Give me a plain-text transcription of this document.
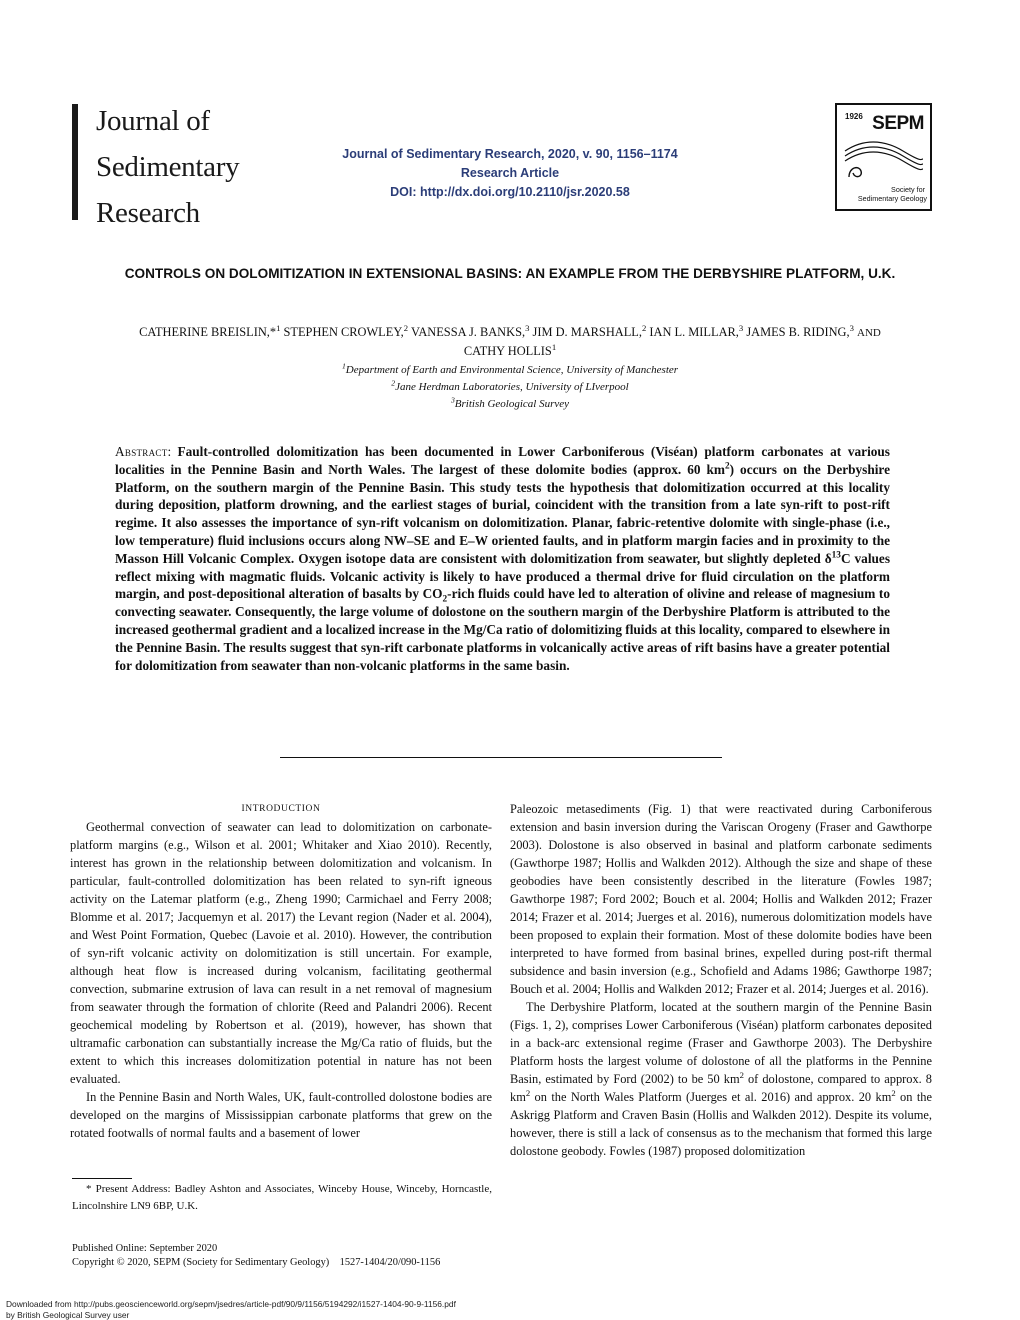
Journal of
Sedimentary
Research
Journal of Sedimentary Research, 2020, v. 90, 1156–1174
Research Article
DOI: http://dx.doi.org/10.2110/jsr.2020.58
1926 SEPM
Society for
Sedimentary Geology
CONTROLS ON DOLOMITIZATION IN EXTENSIONAL BASINS: AN EXAMPLE FROM THE DERBYSHIRE PLATFORM, U.K.
CATHERINE BREISLIN,*$^1$ STEPHEN CROWLEY,$^2$ VANESSA J. BANKS,$^3$ JIM D. MARSHALL,$^2$ IAN L. MILLAR,$^3$ JAMES B. RIDING,$^3$ AND
CATHY HOLLIS$^1$
$^1$Department of Earth and Environmental Science, University of Manchester
$^2$Jane Herdman Laboratories, University of LIverpool
$^3$British Geological Survey
Abstract: Fault-controlled dolomitization has been documented in Lower Carboniferous (Viséan) platform carbonates at various localities in the Pennine Basin and North Wales. The largest of these dolomite bodies (approx. 60 $km^2$) occurs on the Derbyshire Platform, on the southern margin of the Pennine Basin. This study tests the hypothesis that dolomitization occurred at this locality during deposition, platform drowning, and the earliest stages of burial, coincident with the transition from a late syn-rift to post-rift regime. It also assesses the importance of syn-rift volcanism on dolomitization. Planar, fabric-retentive dolomite with single-phase (i.e., low temperature) fluid inclusions occurs along NW–SE and E–W oriented faults, and in platform margin facies and in proximity to the Masson Hill Volcanic Complex. Oxygen isotope data are consistent with dolomitization from seawater, but slightly depleted $\delta^{13}C$ values reflect mixing with magmatic fluids. Volcanic activity is likely to have produced a thermal drive for fluid circulation on the platform margin, and post-depositional alteration of basalts by $CO_2$-rich fluids could have led to alteration of olivine and release of magnesium to convecting seawater. Consequently, the large volume of dolostone on the southern margin of the Derbyshire Platform is attributed to the increased geothermal gradient and a localized increase in the Mg/Ca ratio of dolomitizing fluids at this locality, compared to elsewhere in the Pennine Basin. The results suggest that syn-rift carbonate platforms in volcanically active areas of rift basins have a greater potential for dolomitization from seawater than non-volcanic platforms in the same basin.

INTRODUCTION

Geothermal convection of seawater can lead to dolomitization on carbonate-platform margins (e.g., Wilson et al. 2001; Whitaker and Xiao 2010). Recently, interest has grown in the relationship between dolomitization and volcanism. In particular, fault-controlled dolomitization has been related to syn-rift igneous activity on the Latemar platform (e.g., Zheng 1990; Carmichael and Ferry 2008; Blomme et al. 2017; Jacquemyn et al. 2017) the Levant region (Nader et al. 2004), and West Point Formation, Quebec (Lavoie et al. 2010). However, the contribution of syn-rift volcanic activity on dolomitization is still uncertain. For example, although heat flow is increased during volcanism, facilitating geothermal convection, submarine extrusion of lava can result in a net removal of magnesium from seawater through the formation of chlorite (Reed and Palandri 2006). Recent geochemical modeling by Robertson et al. (2019), however, has shown that ultramafic carbonation can substantially increase the Mg/Ca ratio of fluids, but the extent to which this increases dolomitization potential in nature has not been evaluated.

In the Pennine Basin and North Wales, UK, fault-controlled dolostone bodies are developed on the margins of Mississippian carbonate platforms that grew on the rotated footwalls of normal faults and a basement of lower

Paleozoic metasediments (Fig. 1) that were reactivated during Carboniferous extension and basin inversion during the Variscan Orogeny (Fraser and Gawthorpe 2003). Dolostone is also observed in basinal and platform carbonate sediments (Gawthorpe 1987; Hollis and Walkden 2012). Although the size and shape of these geobodies have been consistently described in the literature (Fowles 1987; Gawthorpe 1987; Ford 2002; Bouch et al. 2004; Hollis and Walkden 2012; Frazer 2014; Frazer et al. 2014; Juerges et al. 2016), numerous dolomitization models have been proposed to explain their formation. Most of these dolomite bodies have been interpreted to have formed from basinal brines, expelled during post-rift thermal subsidence and basin inversion (e.g., Schofield and Adams 1986; Gawthorpe 1987; Bouch et al. 2004; Hollis and Walkden 2012; Frazer et al. 2014; Juerges et al. 2016).

The Derbyshire Platform, located at the southern margin of the Pennine Basin (Figs. 1, 2), comprises Lower Carboniferous (Viséan) platform carbonates deposited in a back-arc extensional regime (Fraser and Gawthorpe 2003). The Derbyshire Platform hosts the largest volume of dolostone of all the platforms in the Pennine Basin, estimated by Ford (2002) to be 50 $km^2$ of dolostone, compared to approx. 8 $km^2$ on the North Wales Platform (Juerges et al. 2016) and approx. 20 $km^2$ on the Askrigg Platform and Craven Basin (Hollis and Walkden 2012). Despite its volume, however, there is still a lack of consensus as to the mechanism that formed this large dolostone geobody. Fowles (1987) proposed dolomitization

* Present Address: Badley Ashton and Associates, Winceby House, Winceby, Horncastle, Lincolnshire LN9 6BP, U.K.
Published Online: September 2020
Copyright © 2020, SEPM (Society for Sedimentary Geology) 1527-1404/20/090-1156
Downloaded from http://pubs.geoscienceworld.org/sepm/jsedres/article-pdf/90/9/1156/5194292/i1527-1404-90-9-1156.pdf
by British Geological Survey user
